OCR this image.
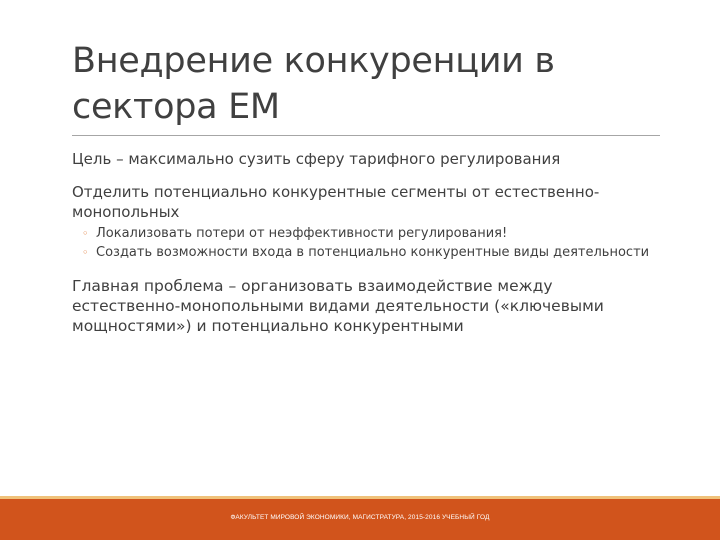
Внедрение конкуренции в сектора ЕМ

Цель – максимально сузить сферу тарифного регулирования

Отделить потенциально конкурентные сегменты от естественно-монопольных

◦ Локализовать потери от неэффективности регулирования!
◦ Создать возможности входа в потенциально конкурентные виды деятельности

Главная проблема – организовать взаимодействие между естественно-монопольными видами деятельности («ключевыми мощностями») и потенциально конкурентными

ФАКУЛЬТЕТ МИРОВОЙ ЭКОНОМИКИ, МАГИСТРАТУРА, 2015-2016 УЧЕБНЫЙ ГОД
